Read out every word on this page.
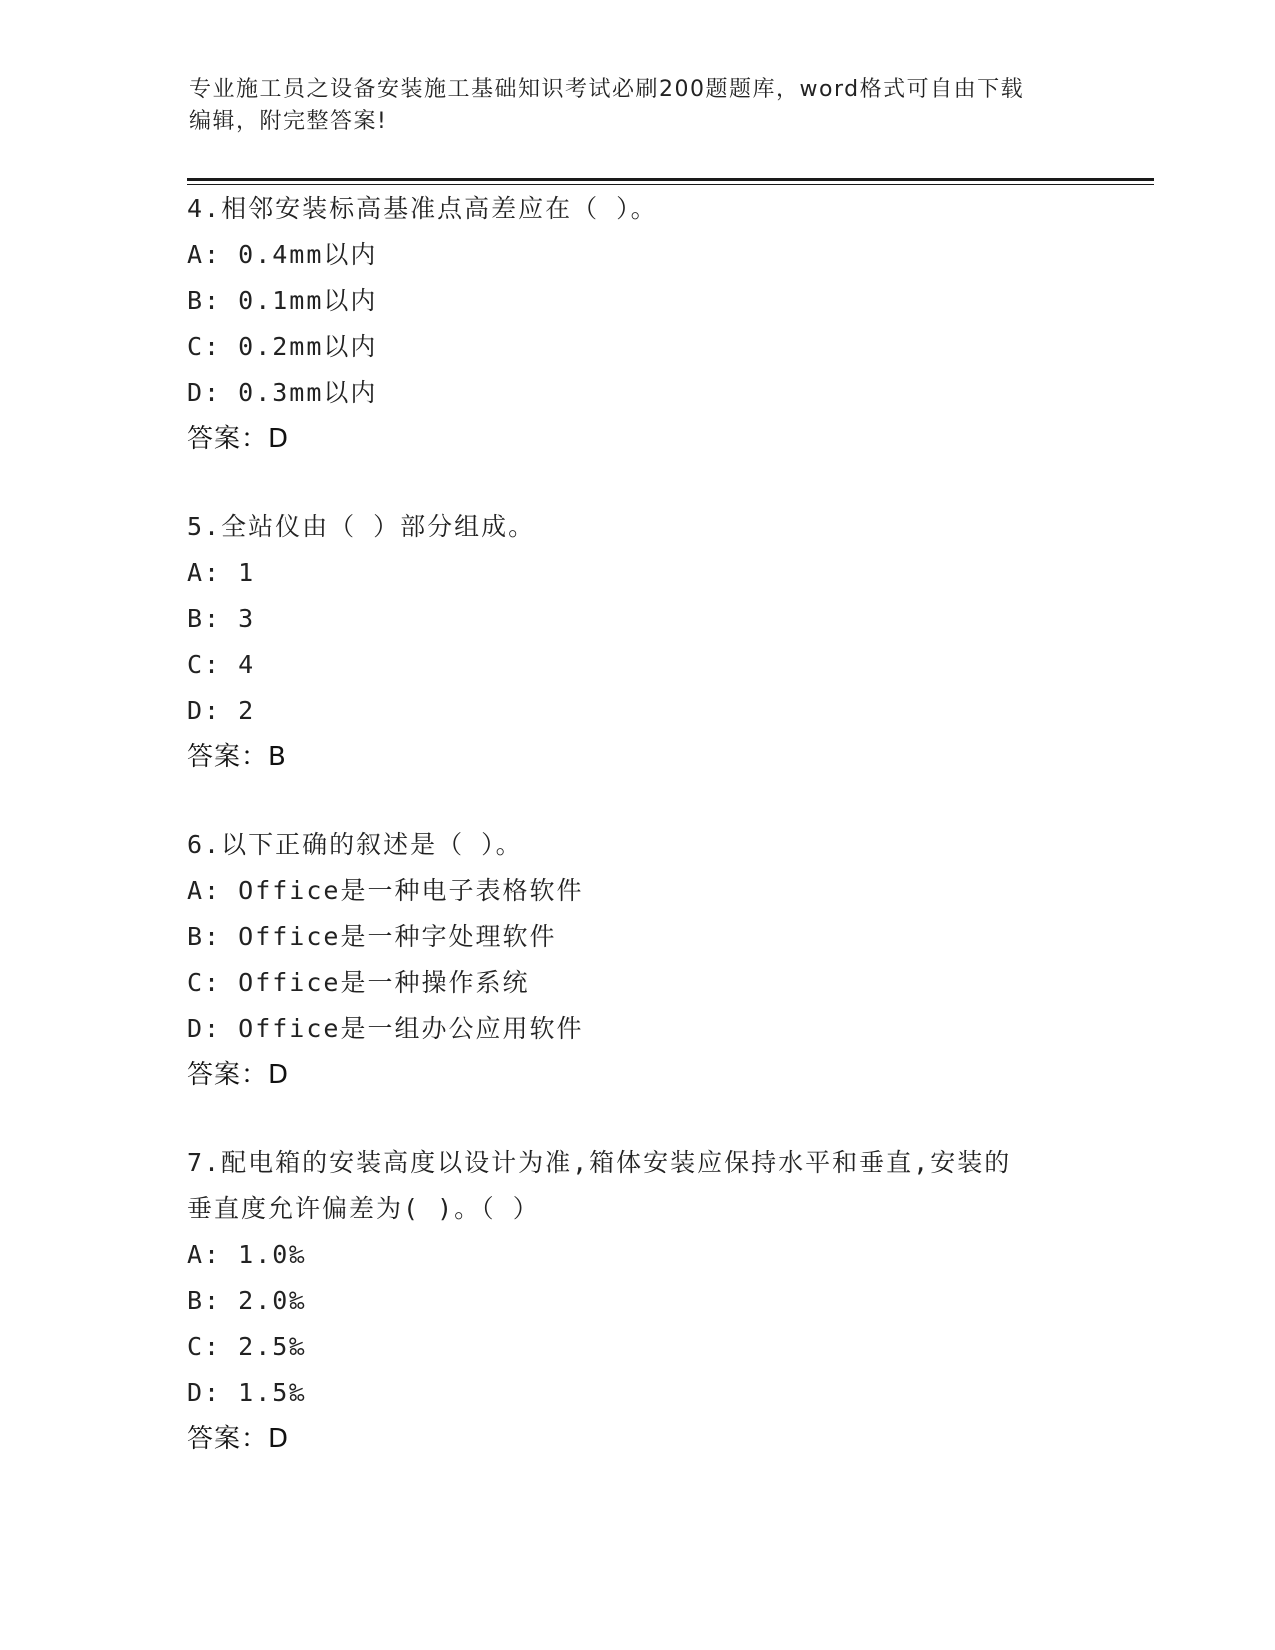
专业施工员之设备安装施工基础知识考试必刷200题题库，word格式可自由下载
编辑，附完整答案!
4.相邻安装标高基准点高差应在（ ）。
A: 0.4mm以内
B: 0.1mm以内
C: 0.2mm以内
D: 0.3mm以内
答案：D
5.全站仪由（ ）部分组成。
A: 1
B: 3
C: 4
D: 2
答案：B
6.以下正确的叙述是（ ）。
A: Office是一种电子表格软件
B: Office是一种字处理软件
C: Office是一种操作系统
D: Office是一组办公应用软件
答案：D
7.配电箱的安装高度以设计为准,箱体安装应保持水平和垂直,安装的
垂直度允许偏差为( )。（ ）
A: 1.0‰
B: 2.0‰
C: 2.5‰
D: 1.5‰
答案：D
